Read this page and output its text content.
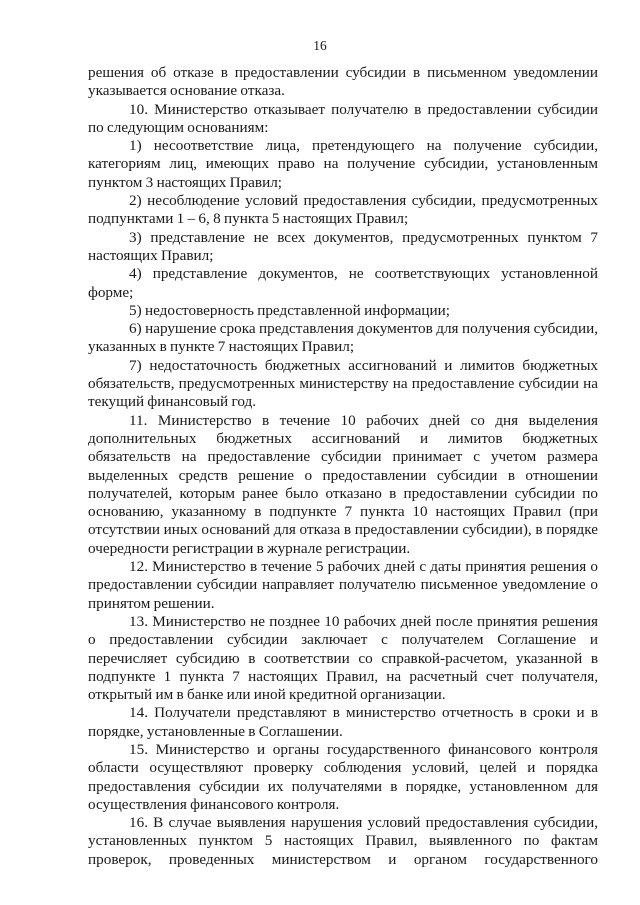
16

решения об отказе в предоставлении субсидии в письменном уведомлении указывается основание отказа.

10. Министерство отказывает получателю в предоставлении субсидии по следующим основаниям:

1) несоответствие лица, претендующего на получение субсидии, категориям лиц, имеющих право на получение субсидии, установленным пунктом 3 настоящих Правил;

2) несоблюдение условий предоставления субсидии, предусмотренных подпунктами 1 – 6, 8 пункта 5 настоящих Правил;

3) представление не всех документов, предусмотренных пунктом 7 настоящих Правил;

4) представление документов, не соответствующих установленной форме;

5) недостоверность представленной информации;

6) нарушение срока представления документов для получения субсидии, указанных в пункте 7 настоящих Правил;

7) недостаточность бюджетных ассигнований и лимитов бюджетных обязательств, предусмотренных министерству на предоставление субсидии на текущий финансовый год.

11. Министерство в течение 10 рабочих дней со дня выделения дополнительных бюджетных ассигнований и лимитов бюджетных обязательств на предоставление субсидии принимает с учетом размера выделенных средств решение о предоставлении субсидии в отношении получателей, которым ранее было отказано в предоставлении субсидии по основанию, указанному в подпункте 7 пункта 10 настоящих Правил (при отсутствии иных оснований для отказа в предоставлении субсидии), в порядке очередности регистрации в журнале регистрации.

12. Министерство в течение 5 рабочих дней с даты принятия решения о предоставлении субсидии направляет получателю письменное уведомление о принятом решении.

13. Министерство не позднее 10 рабочих дней после принятия решения о предоставлении субсидии заключает с получателем Соглашение и перечисляет субсидию в соответствии со справкой-расчетом, указанной в подпункте 1 пункта 7 настоящих Правил, на расчетный счет получателя, открытый им в банке или иной кредитной организации.

14. Получатели представляют в министерство отчетность в сроки и в порядке, установленные в Соглашении.

15. Министерство и органы государственного финансового контроля области осуществляют проверку соблюдения условий, целей и порядка предоставления субсидии их получателями в порядке, установленном для осуществления финансового контроля.

16. В случае выявления нарушения условий предоставления субсидии, установленных пунктом 5 настоящих Правил, выявленного по фактам проверок, проведенных министерством и органом государственного
